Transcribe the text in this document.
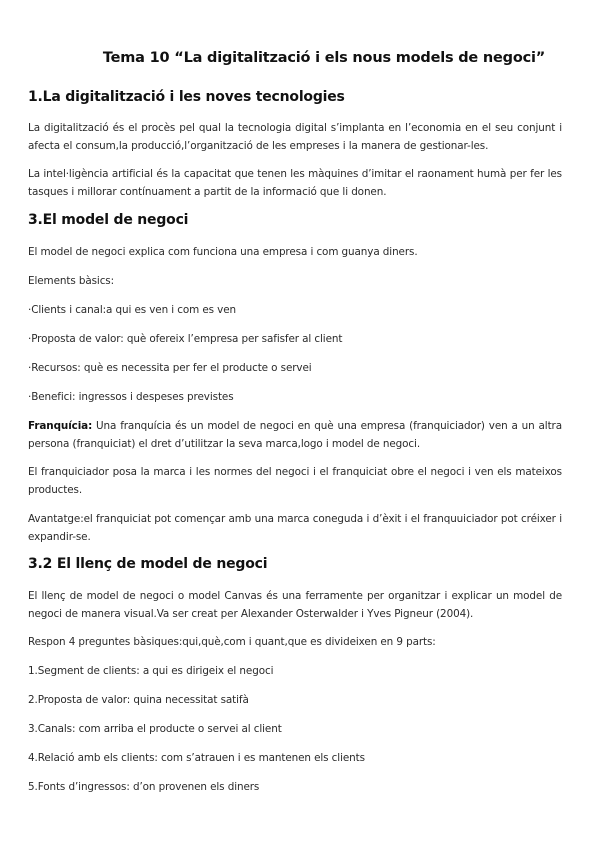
Tema 10 “La digitalització i els nous models de negoci”
1.La digitalització i les noves tecnologies
La digitalització és el procès pel qual la tecnologia digital s’implanta en l’economia en el seu conjunt i afecta el consum,la producció,l’organització de les empreses i la manera de gestionar-les.
La intel·ligència artificial és la capacitat que tenen les màquines d’imitar el raonament humà per fer les tasques i millorar contínuament a partit de la informació que li donen.
3.El model de negoci
El model de negoci explica com funciona una empresa i com guanya diners.
Elements bàsics:
·Clients i canal:a qui es ven i com es ven
·Proposta de valor: què ofereix l’empresa per safisfer al client
·Recursos: què es necessita per fer el producte o servei
·Benefici: ingressos i despeses previstes
Franquícia: Una franquícia és un model de negoci en què una empresa (franquiciador) ven a un altra persona (franquiciat) el dret d’utilitzar la seva marca,logo i model de negoci.
El franquiciador posa la marca i les normes del negoci i el franquiciat obre el negoci i ven els mateixos productes.
Avantatge:el franquiciat pot començar amb una marca coneguda i d’èxit i el franquuiciador pot créixer i expandir-se.
3.2 El llenç de model de negoci
El llenç de model de negoci o model Canvas és una ferramente per organitzar i explicar un model de negoci de manera visual.Va ser creat per Alexander Osterwalder i Yves Pigneur (2004).
Respon 4 preguntes bàsiques:qui,què,com i quant,que es divideixen en 9 parts:
1.Segment de clients: a qui es dirigeix el negoci
2.Proposta de valor: quina necessitat satifà
3.Canals: com arriba el producte o servei al client
4.Relació amb els clients: com s’atrauen i es mantenen els clients
5.Fonts d’ingressos: d’on provenen els diners
